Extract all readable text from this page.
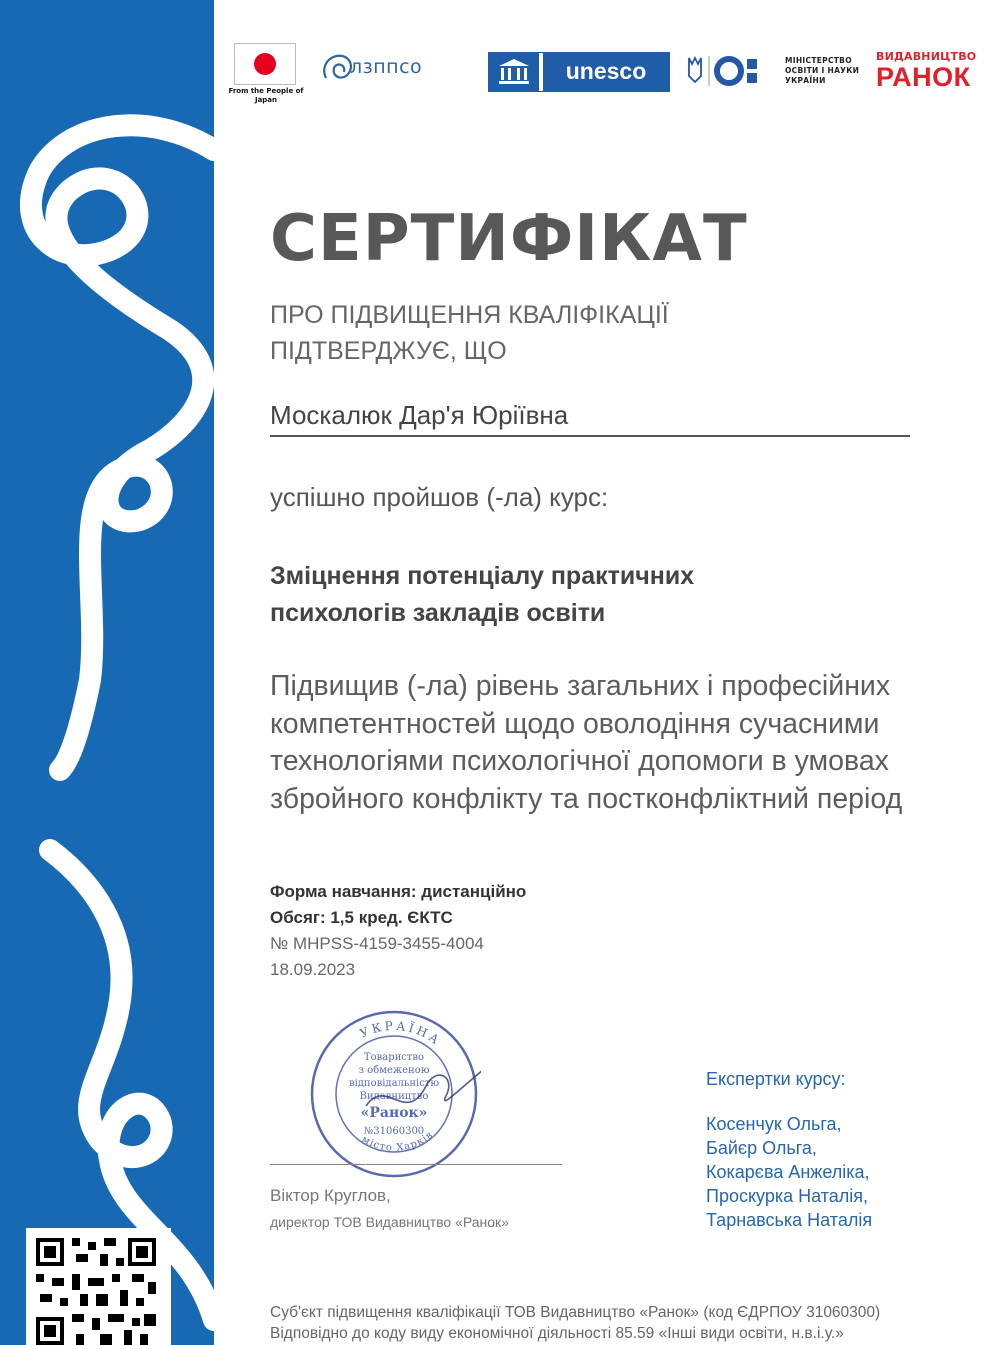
From the People of Japan
лзппсо	unesco	МІНІСТЕРСТВО ОСВІТИ І НАУКИ УКРАЇНИ
ВИДАВНИЦТВО
РАНОК
СЕРТИФІКАТ
ПРО ПІДВИЩЕННЯ КВАЛІФІКАЦІЇ
ПІДТВЕРДЖУЄ, ЩО
Москалюк Дар'я Юріївна
успішно пройшов (-ла) курс:
Зміцнення потенціалу практичних
психологів закладів освіти
Підвищив (-ла) рівень загальних і професійних
компетентностей щодо оволодіння сучасними
технологіями психологічної допомоги в умовах
збройного конфлікту та постконфліктний період
Форма навчання: дистанційно
Обсяг: 1,5 кред. ЄКТС
№ MHPSS-4159-3455-4004
18.09.2023
УКРАЇНА
місто Харків
Товариство
з обмеженою
відповідальністю
Видавництво
«Ранок»
№31060300
Віктор Круглов,
директор ТОВ Видавництво «Ранок»
Експертки курсу:
Косенчук Ольга,
Байєр Ольга,
Кокарєва Анжеліка,
Проскурка Наталія,
Тарнавська Наталія
Суб'єкт підвищення кваліфікації ТОВ Видавництво «Ранок» (код ЄДРПОУ 31060300)
Відповідно до коду виду економічної діяльності 85.59 «Інші види освіти, н.в.і.у.»
